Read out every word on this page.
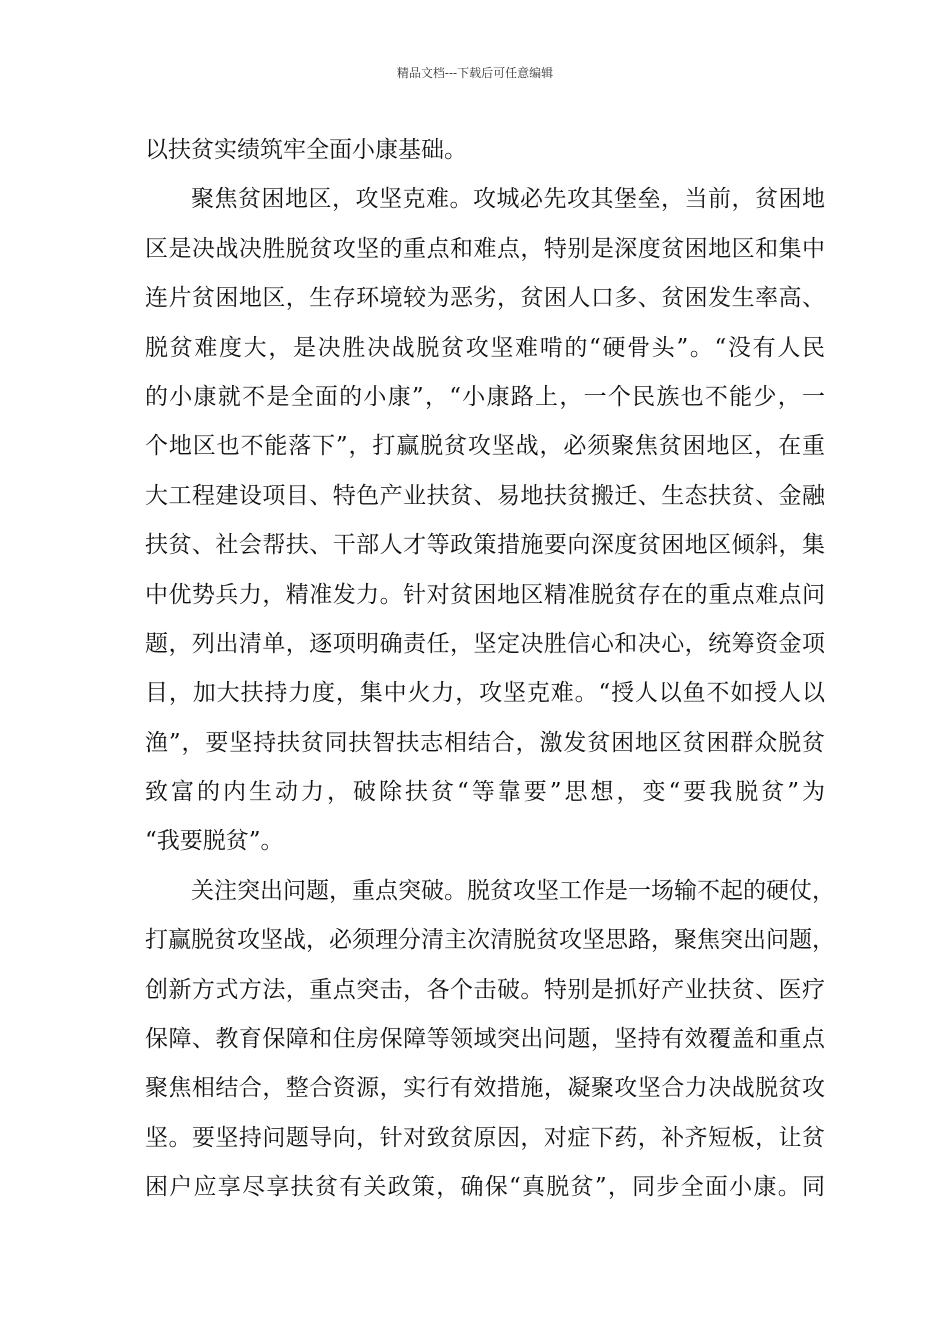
精品文档---下载后可任意编辑
以扶贫实绩筑牢全面小康基础。
聚焦贫困地区，攻坚克难。攻城必先攻其堡垒，当前，贫困地
区是决战决胜脱贫攻坚的重点和难点，特别是深度贫困地区和集中
连片贫困地区，生存环境较为恶劣，贫困人口多、贫困发生率高、
脱贫难度大，是决胜决战脱贫攻坚难啃的“硬骨头”。“没有人民
的小康就不是全面的小康”，“小康路上，一个民族也不能少，一
个地区也不能落下”，打赢脱贫攻坚战，必须聚焦贫困地区，在重
大工程建设项目、特色产业扶贫、易地扶贫搬迁、生态扶贫、金融
扶贫、社会帮扶、干部人才等政策措施要向深度贫困地区倾斜，集
中优势兵力，精准发力。针对贫困地区精准脱贫存在的重点难点问
题，列出清单，逐项明确责任，坚定决胜信心和决心，统筹资金项
目，加大扶持力度，集中火力，攻坚克难。“授人以鱼不如授人以
渔”，要坚持扶贫同扶智扶志相结合，激发贫困地区贫困群众脱贫
致富的内生动力，破除扶贫“等靠要”思想，变“要我脱贫”为
“我要脱贫”。
关注突出问题，重点突破。脱贫攻坚工作是一场输不起的硬仗，
打赢脱贫攻坚战，必须理分清主次清脱贫攻坚思路，聚焦突出问题，
创新方式方法，重点突击，各个击破。特别是抓好产业扶贫、医疗
保障、教育保障和住房保障等领域突出问题，坚持有效覆盖和重点
聚焦相结合，整合资源，实行有效措施，凝聚攻坚合力决战脱贫攻
坚。要坚持问题导向，针对致贫原因，对症下药，补齐短板，让贫
困户应享尽享扶贫有关政策，确保“真脱贫”，同步全面小康。同
